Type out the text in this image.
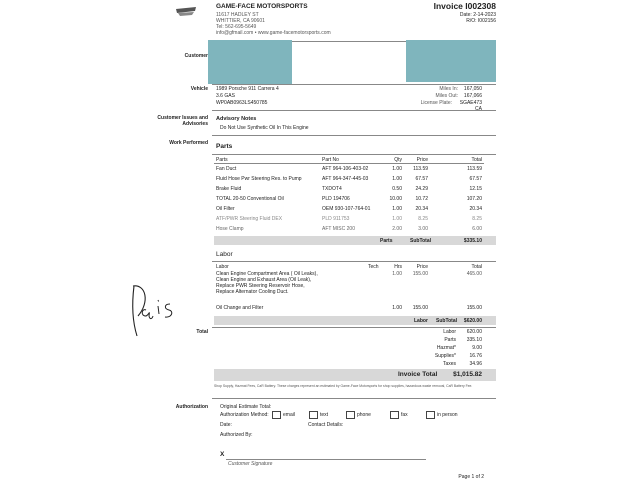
GAME-FACE MOTORSPORTS
11617 HADLEY ST
WHITTIER, CA 90601
Tel: 562-695-5649
info@gfmail.com • www.game-facemotorsports.com
Invoice I002308
Date: 2-14-2023
R/O: I002156
Customer
Vehicle 1989 Porsche 911 Carrera 4
3.6 GAS
WP0AB0963LS450785
Miles In:	167,050
Miles Out:	167,066
License Plate:	SGAE473 CA
Customer Issues and Advisories
Advisory Notes
Do Not Use Synthetic Oil In This Engine
Work Performed Parts
Parts	Part No	Qty	Price	Total
Fan Duct	AFT 964-106-403-02	1.00	113.59	113.59
Fluid Hose Pwr Steering Res. to Pump	AFT 964-347-445-03	1.00	67.57	67.57
Brake Fluid	TXDOT4	0.50	24.29	12.15
TOTAL 20-50 Conventional Oil	PLD 194706	10.00	10.72	107.20
Oil Filter	OEM 930-107-764-01	1.00	20.34	20.34
ATF/PWR Steering Fluid DEX	PLD 911753	1.00	8.25	8.25
Hose Clamp	AFT MISC 200	2.00	3.00	6.00
Parts	SubTotal	$335.10
Labor
Labor	Tech	Hrs	Price	Total
Clean Engine Compartment Area ( Oil Leaks),
Clean Engine and Exhaust Area (Oil Leak),
Replace PWR Steering Reservoir Hose,
Replace Alternator Cooling Duct.
1.00	155.00	465.00
Oil Change and Filter	1.00	155.00	155.00
Labor SubTotal	$620.00
Total	Labor	620.00
Parts	335.10
Hazmat*	9.00
Supplies*	16.76
Taxes	34.96
Invoice Total	$1,015.82
Shop Supply, Hazmat Fees, CaR Battery. These charges represent an estimated by Game-Face Motorsports for shop supplies, hazardous waste removal, CaR Battery Fee.
Authorization Original Estimate Total:
Authorization Method:	email	text	phone	fax	in person
Date:	Contact Details:
Authorized By:
X
Customer Signature
Page 1 of 2
